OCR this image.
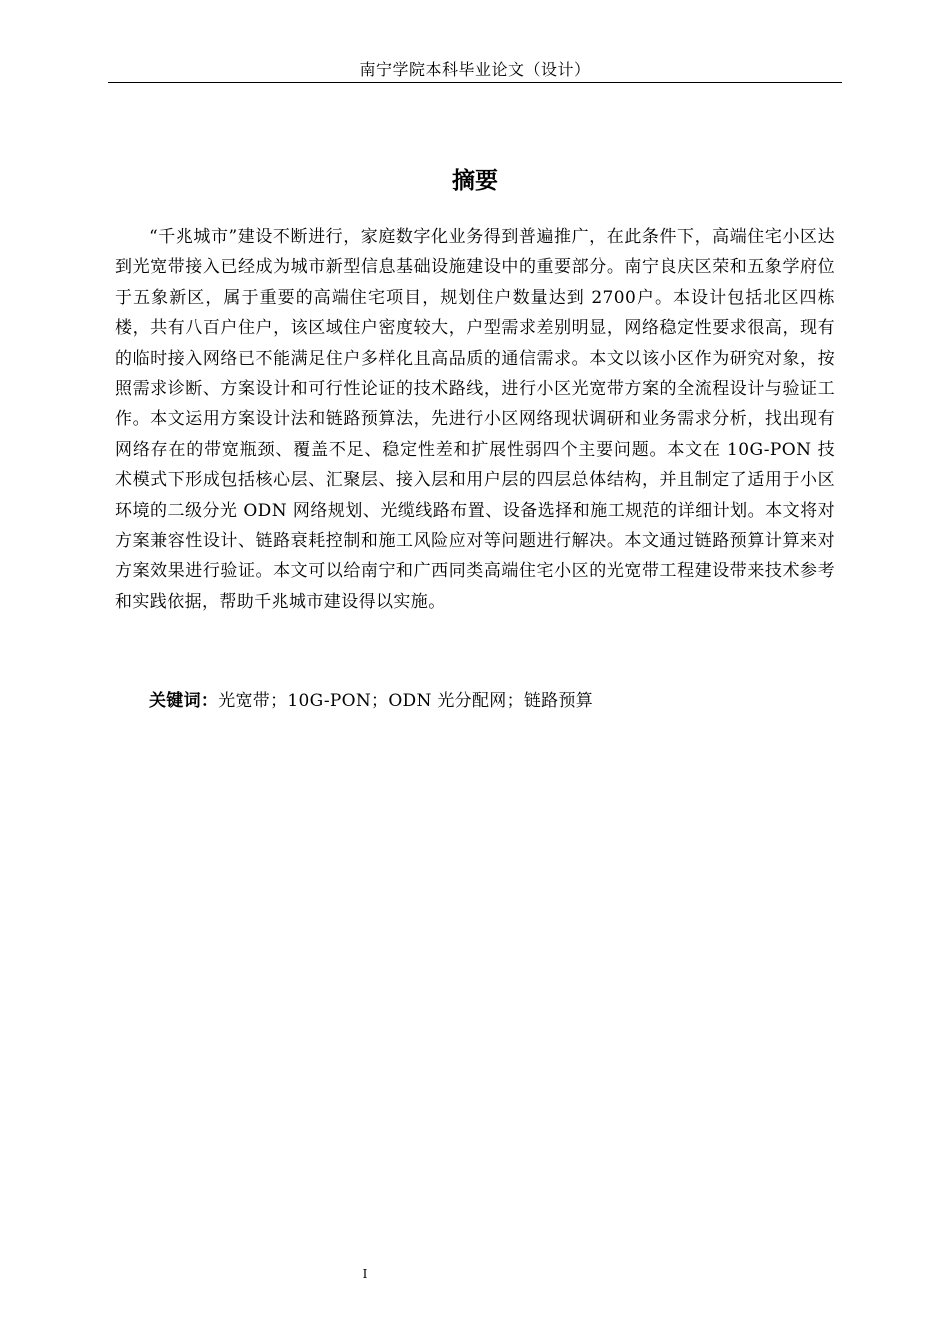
南宁学院本科毕业论文（设计）
摘要

“千兆城市”建设不断进行，家庭数字化业务得到普遍推广，在此条件下，高端住宅小区达到光宽带接入已经成为城市新型信息基础设施建设中的重要部分。南宁良庆区荣和五象学府位于五象新区，属于重要的高端住宅项目，规划住户数量达到 2700户。本设计包括北区四栋楼，共有八百户住户，该区域住户密度较大，户型需求差别明显，网络稳定性要求很高，现有的临时接入网络已不能满足住户多样化且高品质的通信需求。本文以该小区作为研究对象，按照需求诊断、方案设计和可行性论证的技术路线，进行小区光宽带方案的全流程设计与验证工作。本文运用方案设计法和链路预算法，先进行小区网络现状调研和业务需求分析，找出现有网络存在的带宽瓶颈、覆盖不足、稳定性差和扩展性弱四个主要问题。本文在 10G-PON 技术模式下形成包括核心层、汇聚层、接入层和用户层的四层总体结构，并且制定了适用于小区环境的二级分光 ODN 网络规划、光缆线路布置、设备选择和施工规范的详细计划。本文将对方案兼容性设计、链路衰耗控制和施工风险应对等问题进行解决。本文通过链路预算计算来对方案效果进行验证。本文可以给南宁和广西同类高端住宅小区的光宽带工程建设带来技术参考和实践依据，帮助千兆城市建设得以实施。

关键词：光宽带；10G-PON；ODN 光分配网；链路预算
I
